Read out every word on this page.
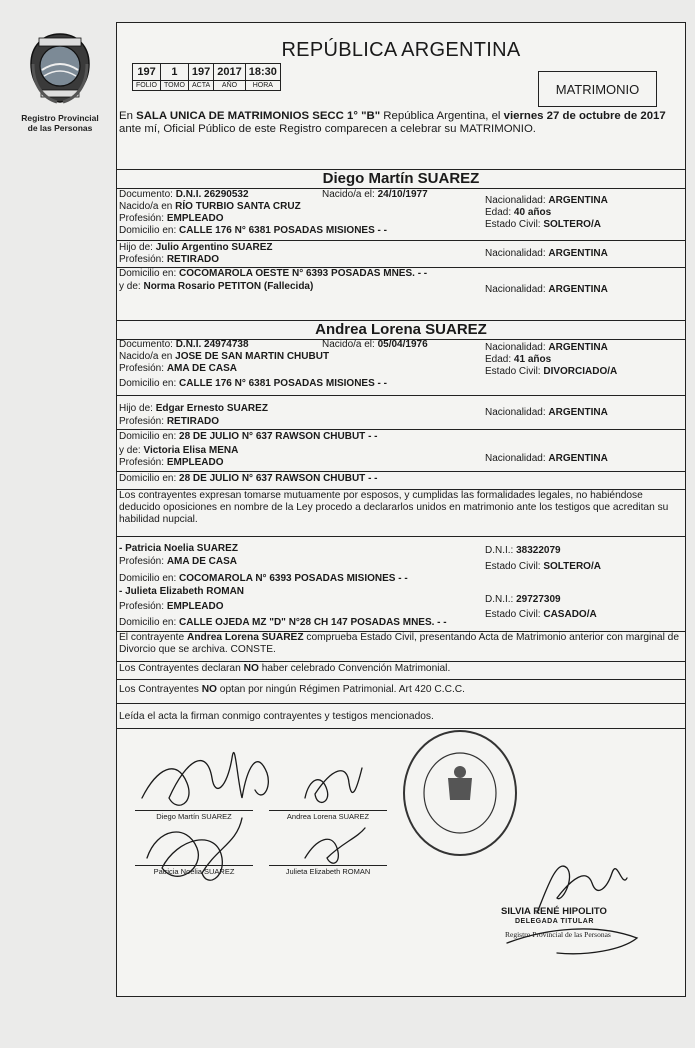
Registro Provincial
de las Personas
REPÚBLICA ARGENTINA
197	1	197	2017	18:30
FOLIO	TOMO	ACTA	AÑO	HORA	MATRIMONIO
En SALA UNICA DE MATRIMONIOS SECC 1° "B" República Argentina, el viernes 27 de octubre de 2017 ante mí, Oficial Público de este Registro comparecen a celebrar su MATRIMONIO.
Diego Martín SUAREZ
Documento: D.N.I. 26290532	Nacido/a el: 24/10/1977
Nacionalidad: ARGENTINA
Nacido/a en RÍO TURBIO SANTA CRUZ
Edad: 40 años
Profesión: EMPLEADO
Estado Civil: SOLTERO/A
Domicilio en: CALLE 176 N° 6381 POSADAS MISIONES - -
Hijo de: Julio Argentino SUAREZ
Nacionalidad: ARGENTINA
Profesión: RETIRADO
Domicilio en: COCOMAROLA OESTE N° 6393 POSADAS MNES. - -
y de: Norma Rosario PETITON (Fallecida)	Nacionalidad: ARGENTINA
Andrea Lorena SUAREZ
Documento: D.N.I. 24974738	Nacido/a el: 05/04/1976	Nacionalidad: ARGENTINA
Nacido/a en JOSE DE SAN MARTIN CHUBUT	Edad: 41 años
Profesión: AMA DE CASA	Estado Civil: DIVORCIADO/A
Domicilio en: CALLE 176 N° 6381 POSADAS MISIONES - -
Hijo de: Edgar Ernesto SUAREZ	Nacionalidad: ARGENTINA
Profesión: RETIRADO
Domicilio en: 28 DE JULIO N° 637 RAWSON CHUBUT - -
y de: Victoria Elisa MENA
Nacionalidad: ARGENTINA
Profesión: EMPLEADO
Domicilio en: 28 DE JULIO N° 637 RAWSON CHUBUT - -
Los contrayentes expresan tomarse mutuamente por esposos, y cumplidas las formalidades legales, no habiéndose deducido oposiciones en nombre de la Ley procedo a declararlos unidos en matrimonio ante los testigos que acreditan su habilidad nupcial.
- Patricia Noelia SUAREZ	D.N.I.: 38322079
Profesión: AMA DE CASA	Estado Civil: SOLTERO/A
Domicilio en: COCOMAROLA N° 6393 POSADAS MISIONES - -
- Julieta Elizabeth ROMAN
D.N.I.: 29727309
Profesión: EMPLEADO
Estado Civil: CASADO/A
Domicilio en: CALLE OJEDA MZ "D" N°28 CH 147 POSADAS MNES. - -
El contrayente Andrea Lorena SUAREZ comprueba Estado Civil, presentando Acta de Matrimonio anterior con marginal de Divorcio que se archiva. CONSTE.
Los Contrayentes declaran NO haber celebrado Convención Matrimonial.
Los Contrayentes NO optan por ningún Régimen Patrimonial. Art 420 C.C.C.
Leída el acta la firman conmigo contrayentes y testigos mencionados.
Diego Martín SUAREZ	Andrea Lorena SUAREZ
Patricia Noelia SUAREZ	Julieta Elizabeth ROMAN
SILVIA RENÉ HIPOLITO
DELEGADA TITULAR
Registro Provincial de las Personas
